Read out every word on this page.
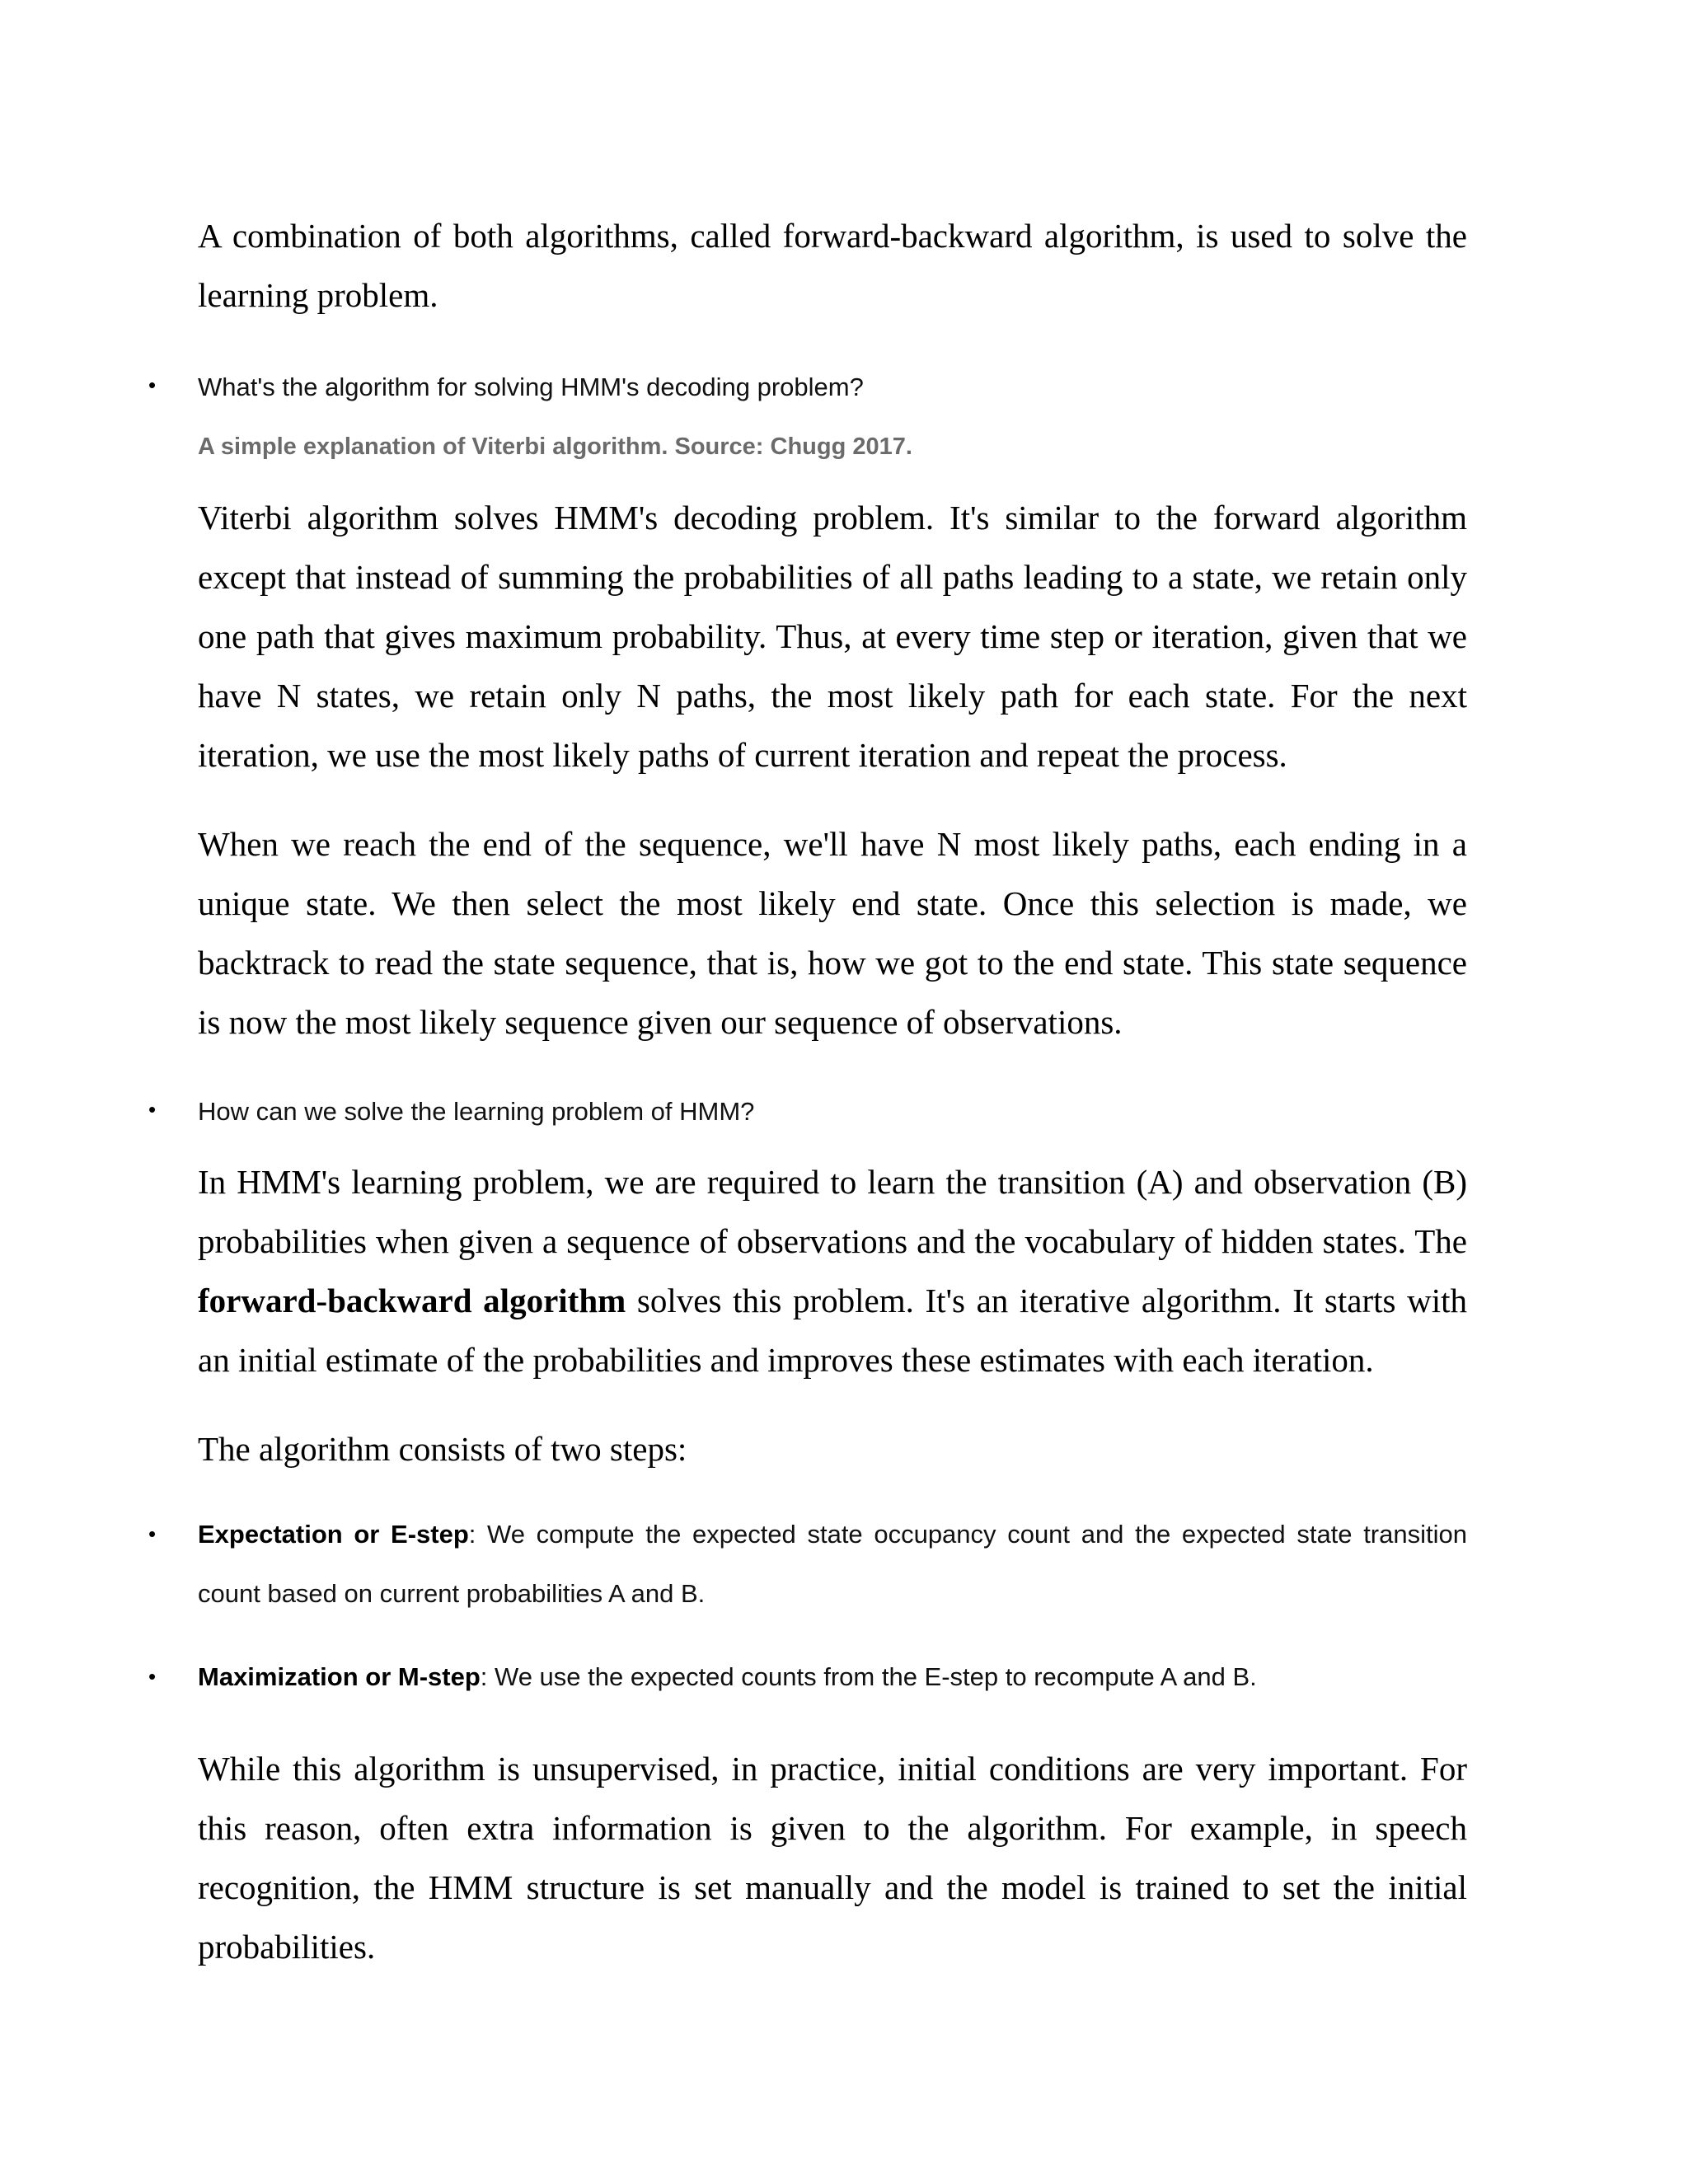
A combination of both algorithms, called forward-backward algorithm, is used to solve the learning problem.

• What's the algorithm for solving HMM's decoding problem?
A simple explanation of Viterbi algorithm. Source: Chugg 2017.

Viterbi algorithm solves HMM's decoding problem. It's similar to the forward algorithm except that instead of summing the probabilities of all paths leading to a state, we retain only one path that gives maximum probability. Thus, at every time step or iteration, given that we have N states, we retain only N paths, the most likely path for each state. For the next iteration, we use the most likely paths of current iteration and repeat the process.

When we reach the end of the sequence, we'll have N most likely paths, each ending in a unique state. We then select the most likely end state. Once this selection is made, we backtrack to read the state sequence, that is, how we got to the end state. This state sequence is now the most likely sequence given our sequence of observations.

• How can we solve the learning problem of HMM?

In HMM's learning problem, we are required to learn the transition (A) and observation (B) probabilities when given a sequence of observations and the vocabulary of hidden states. The forward-backward algorithm solves this problem. It's an iterative algorithm. It starts with an initial estimate of the probabilities and improves these estimates with each iteration.

The algorithm consists of two steps:

• Expectation or E-step: We compute the expected state occupancy count and the expected state transition count based on current probabilities A and B.
• Maximization or M-step: We use the expected counts from the E-step to recompute A and B.

While this algorithm is unsupervised, in practice, initial conditions are very important. For this reason, often extra information is given to the algorithm. For example, in speech recognition, the HMM structure is set manually and the model is trained to set the initial probabilities.
